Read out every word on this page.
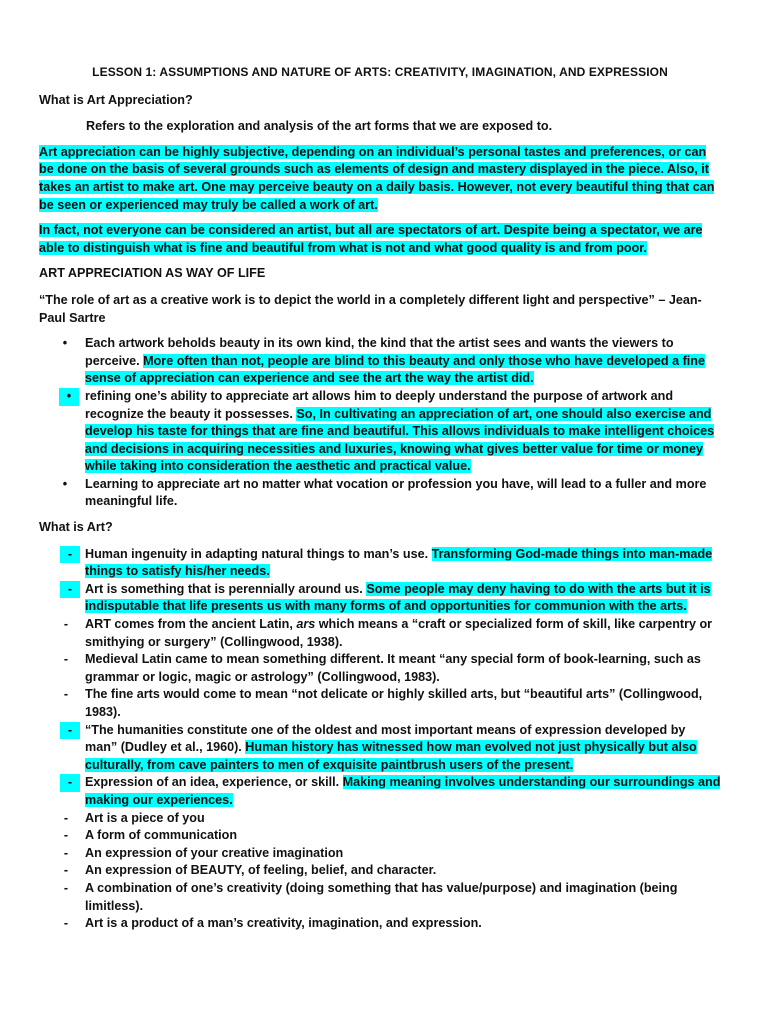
LESSON 1: ASSUMPTIONS AND NATURE OF ARTS: CREATIVITY, IMAGINATION, AND EXPRESSION
What is Art Appreciation?
Refers to the exploration and analysis of the art forms that we are exposed to.
Art appreciation can be highly subjective, depending on an individual’s personal tastes and preferences, or can be done on the basis of several grounds such as elements of design and mastery displayed in the piece. Also, it takes an artist to make art. One may perceive beauty on a daily basis. However, not every beautiful thing that can be seen or experienced may truly be called a work of art.
In fact, not everyone can be considered an artist, but all are spectators of art. Despite being a spectator, we are able to distinguish what is fine and beautiful from what is not and what good quality is and from poor.
ART APPRECIATION AS WAY OF LIFE
“The role of art as a creative work is to depict the world in a completely different light and perspective” – Jean-Paul Sartre
•	Each artwork beholds beauty in its own kind, the kind that the artist sees and wants the viewers to perceive. More often than not, people are blind to this beauty and only those who have developed a fine sense of appreciation can experience and see the art the way the artist did.
•	refining one’s ability to appreciate art allows him to deeply understand the purpose of artwork and recognize the beauty it possesses. So, In cultivating an appreciation of art, one should also exercise and develop his taste for things that are fine and beautiful. This allows individuals to make intelligent choices and decisions in acquiring necessities and luxuries, knowing what gives better value for time or money while taking into consideration the aesthetic and practical value.
•	Learning to appreciate art no matter what vocation or profession you have, will lead to a fuller and more meaningful life.
What is Art?
-	Human ingenuity in adapting natural things to man’s use. Transforming God-made things into man-made things to satisfy his/her needs.
-	Art is something that is perennially around us. Some people may deny having to do with the arts but it is indisputable that life presents us with many forms of and opportunities for communion with the arts.
-	ART comes from the ancient Latin, ars which means a “craft or specialized form of skill, like carpentry or smithying or surgery” (Collingwood, 1938).
-	Medieval Latin came to mean something different. It meant “any special form of book-learning, such as grammar or logic, magic or astrology” (Collingwood, 1983).
-	The fine arts would come to mean “not delicate or highly skilled arts, but “beautiful arts” (Collingwood, 1983).
-	“The humanities constitute one of the oldest and most important means of expression developed by man” (Dudley et al., 1960). Human history has witnessed how man evolved not just physically but also culturally, from cave painters to men of exquisite paintbrush users of the present.
-	Expression of an idea, experience, or skill. Making meaning involves understanding our surroundings and making our experiences.
-	Art is a piece of you
-	A form of communication
-	An expression of your creative imagination
-	An expression of BEAUTY, of feeling, belief, and character.
-	A combination of one’s creativity (doing something that has value/purpose) and imagination (being limitless).
-	Art is a product of a man’s creativity, imagination, and expression.
